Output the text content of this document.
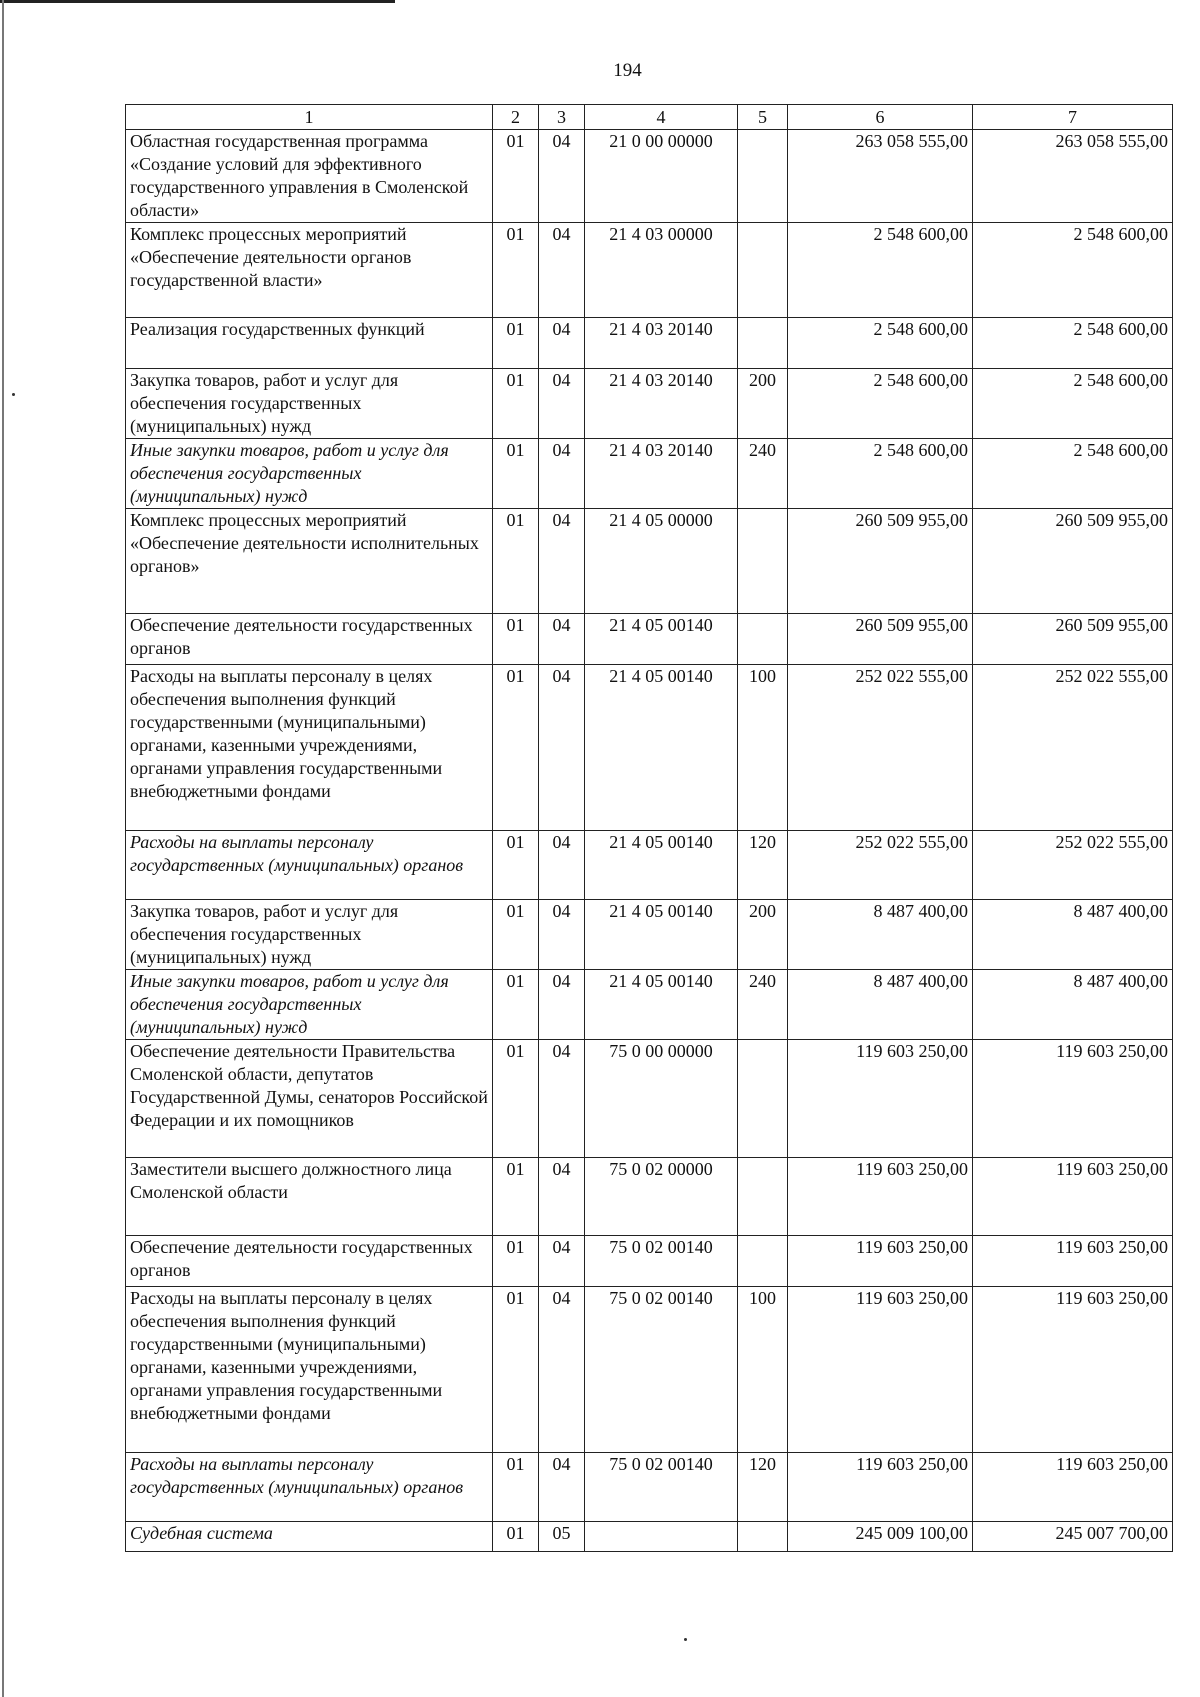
194
1	2	3	4	5	6	7
Областная государственная программа «Создание условий для эффективного государственного управления в Смоленской области»	01	04	21 0 00 00000		263 058 555,00	263 058 555,00
Комплекс процессных мероприятий «Обеспечение деятельности органов государственной власти»	01	04	21 4 03 00000		2 548 600,00	2 548 600,00
Реализация государственных функций	01	04	21 4 03 20140		2 548 600,00	2 548 600,00
Закупка товаров, работ и услуг для обеспечения государственных (муниципальных) нужд	01	04	21 4 03 20140	200	2 548 600,00	2 548 600,00
Иные закупки товаров, работ и услуг для обеспечения государственных (муниципальных) нужд	01	04	21 4 03 20140	240	2 548 600,00	2 548 600,00
Комплекс процессных мероприятий «Обеспечение деятельности исполнительных органов»	01	04	21 4 05 00000		260 509 955,00	260 509 955,00
Обеспечение деятельности государственных органов	01	04	21 4 05 00140		260 509 955,00	260 509 955,00
Расходы на выплаты персоналу в целях обеспечения выполнения функций государственными (муниципальными) органами, казенными учреждениями, органами управления государственными внебюджетными фондами	01	04	21 4 05 00140	100	252 022 555,00	252 022 555,00
Расходы на выплаты персоналу государственных (муниципальных) органов	01	04	21 4 05 00140	120	252 022 555,00	252 022 555,00
Закупка товаров, работ и услуг для обеспечения государственных (муниципальных) нужд	01	04	21 4 05 00140	200	8 487 400,00	8 487 400,00
Иные закупки товаров, работ и услуг для обеспечения государственных (муниципальных) нужд	01	04	21 4 05 00140	240	8 487 400,00	8 487 400,00
Обеспечение деятельности Правительства Смоленской области, депутатов Государственной Думы, сенаторов Российской Федерации и их помощников	01	04	75 0 00 00000		119 603 250,00	119 603 250,00
Заместители высшего должностного лица Смоленской области	01	04	75 0 02 00000		119 603 250,00	119 603 250,00
Обеспечение деятельности государственных органов	01	04	75 0 02 00140		119 603 250,00	119 603 250,00
Расходы на выплаты персоналу в целях обеспечения выполнения функций государственными (муниципальными) органами, казенными учреждениями, органами управления государственными внебюджетными фондами	01	04	75 0 02 00140	100	119 603 250,00	119 603 250,00
Расходы на выплаты персоналу государственных (муниципальных) органов	01	04	75 0 02 00140	120	119 603 250,00	119 603 250,00
Судебная система	01	05			245 009 100,00	245 007 700,00
